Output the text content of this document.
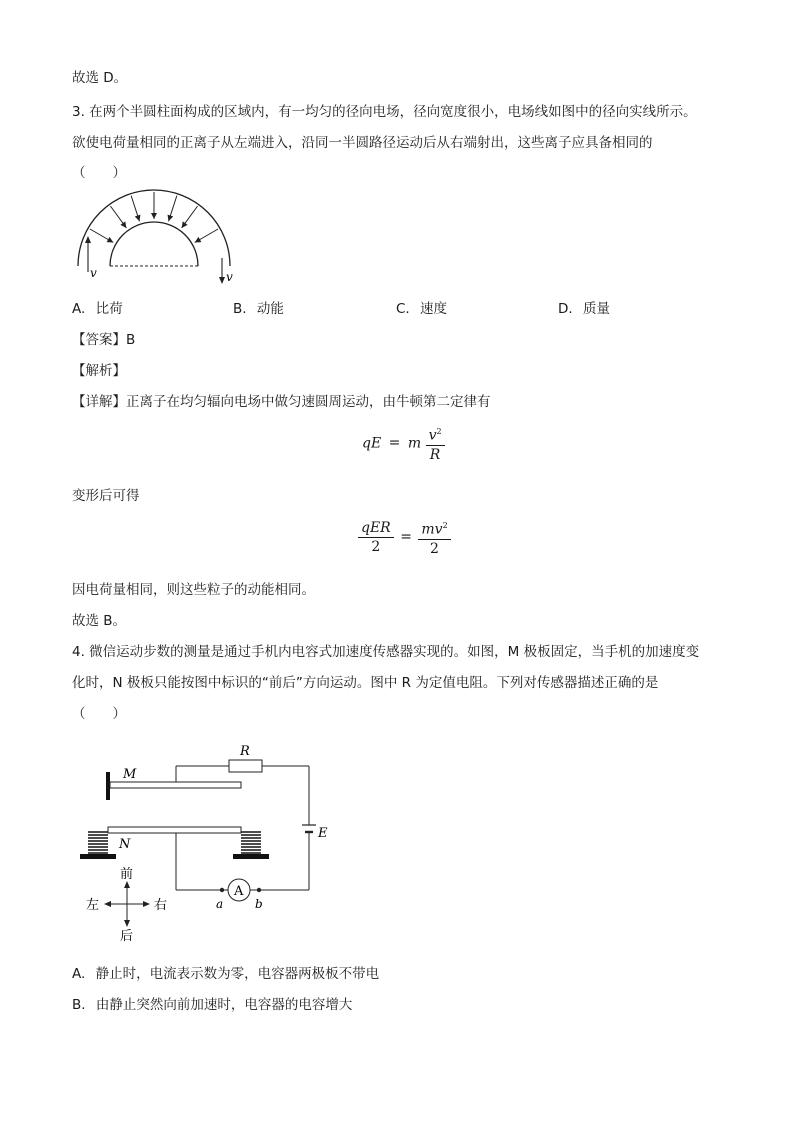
故选 D。
3. 在两个半圆柱面构成的区域内，有一均匀的径向电场，径向宽度很小，电场线如图中的径向实线所示。
欲使电荷量相同的正离子从左端进入，沿同一半圆路径运动后从右端射出，这些离子应具备相同的
（　　）
v	v
A. 比荷	B. 动能	C. 速度	D. 质量
【答案】B
【解析】
【详解】正离子在均匀辐向电场中做匀速圆周运动，由牛顿第二定律有
qE = m $\frac{v^2}{R}$
变形后可得
$\frac{\text{qER}}{2} = \frac{mv^2}{2}$
因电荷量相同，则这些粒子的动能相同。
故选 B。
4. 微信运动步数的测量是通过手机内电容式加速度传感器实现的。如图，M 极板固定，当手机的加速度变
化时，N 极板只能按图中标识的“前后”方向运动。图中 R 为定值电阻。下列对传感器描述正确的是
（　　）
M
R
E
b
A
a
N
前
后
左	右
A. 静止时，电流表示数为零，电容器两极板不带电
B. 由静止突然向前加速时，电容器的电容增大
